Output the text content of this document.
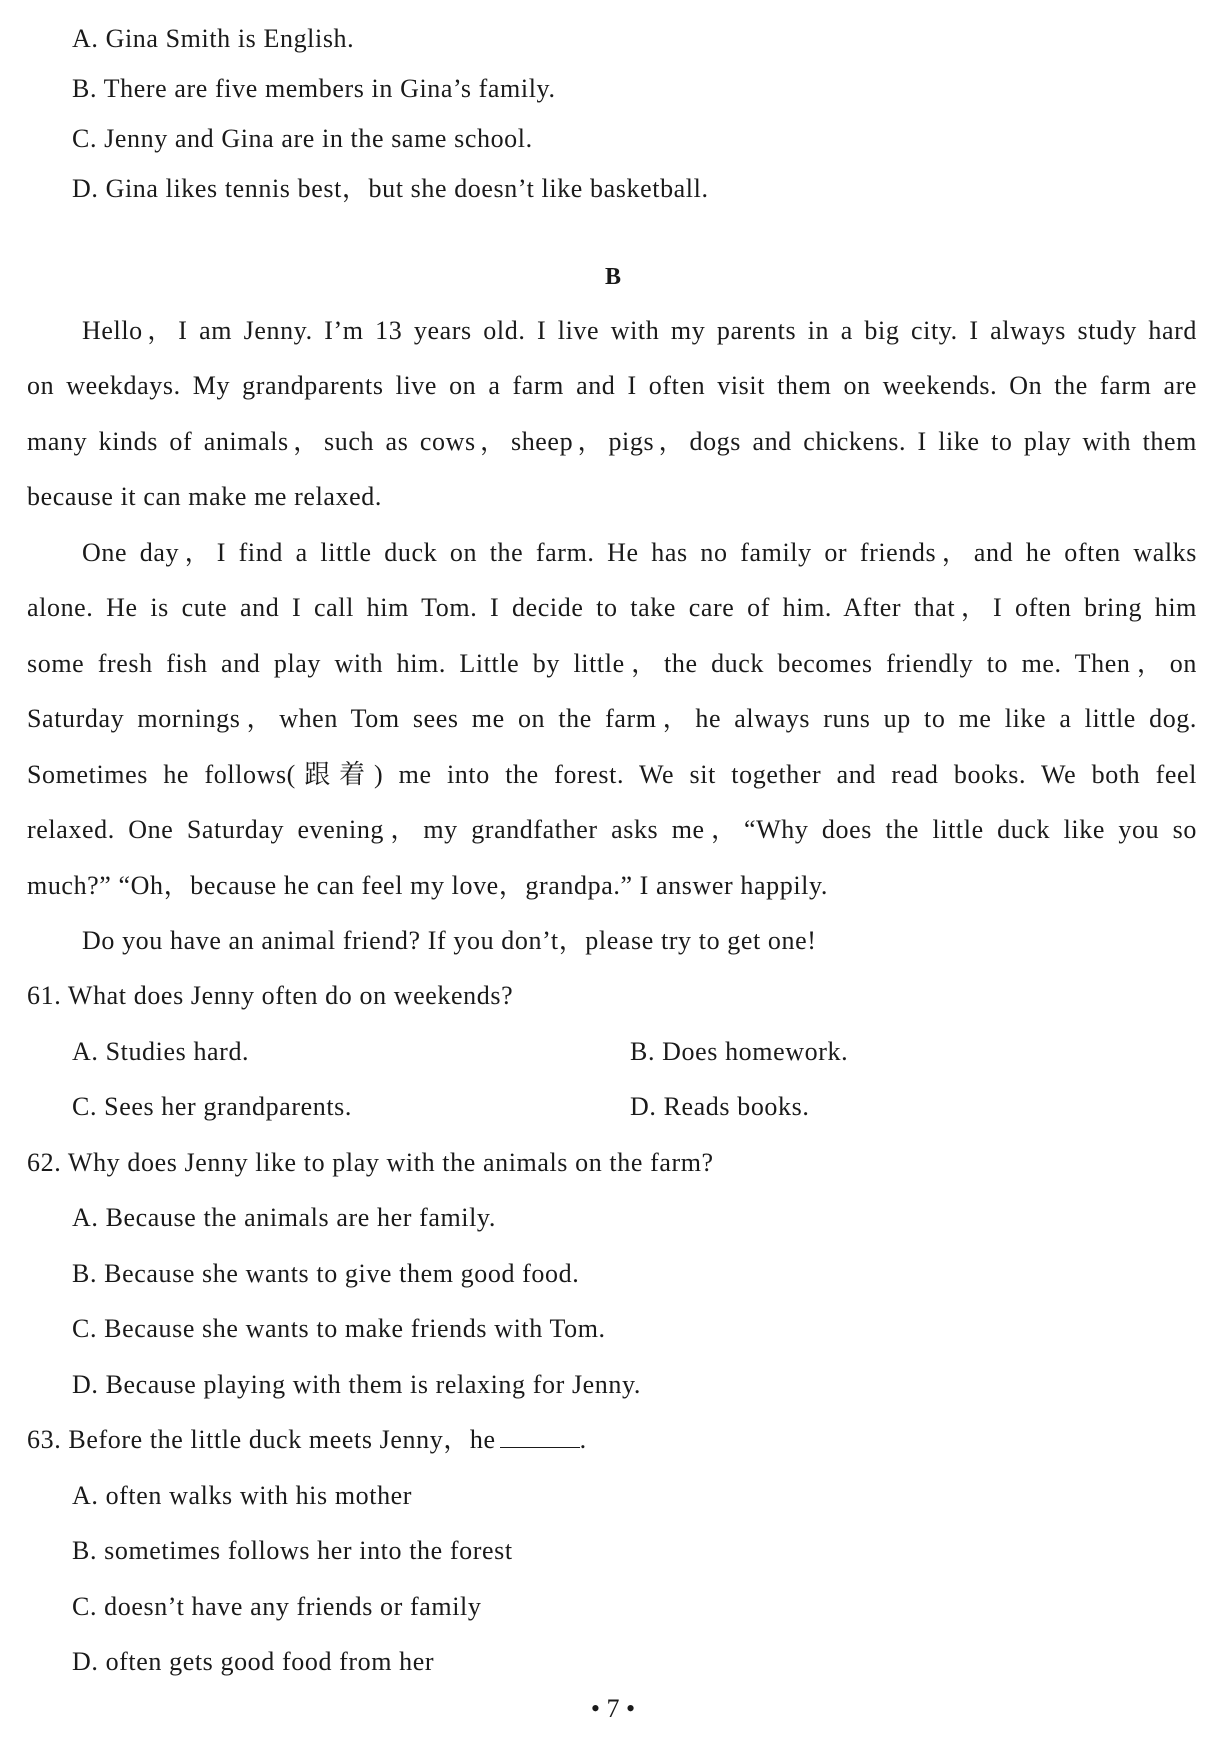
A. Gina Smith is English.
B. There are five members in Gina’s family.
C. Jenny and Gina are in the same school.
D. Gina likes tennis best，but she doesn’t like basketball.
B
Hello，I am Jenny. I’m 13 years old. I live with my parents in a big city. I always study hard
on weekdays. My grandparents live on a farm and I often visit them on weekends. On the farm are
many kinds of animals，such as cows，sheep，pigs，dogs and chickens. I like to play with them
because it can make me relaxed.
One day，I find a little duck on the farm. He has no family or friends，and he often walks
alone. He is cute and I call him Tom. I decide to take care of him. After that，I often bring him
some fresh fish and play with him. Little by little，the duck becomes friendly to me. Then，on
Saturday mornings，when Tom sees me on the farm，he always runs up to me like a little dog.
Sometimes he follows(跟着) me into the forest. We sit together and read books. We both feel
relaxed. One Saturday evening，my grandfather asks me，“Why does the little duck like you so
much?” “Oh，because he can feel my love，grandpa.” I answer happily.
Do you have an animal friend? If you don’t，please try to get one!
61. What does Jenny often do on weekends?
A. Studies hard.	B. Does homework.
C. Sees her grandparents.	D. Reads books.
62. Why does Jenny like to play with the animals on the farm?
A. Because the animals are her family.
B. Because she wants to give them good food.
C. Because she wants to make friends with Tom.
D. Because playing with them is relaxing for Jenny.
63. Before the little duck meets Jenny，he	.
A. often walks with his mother
B. sometimes follows her into the forest
C. doesn’t have any friends or family
D. often gets good food from her
• 7 •
